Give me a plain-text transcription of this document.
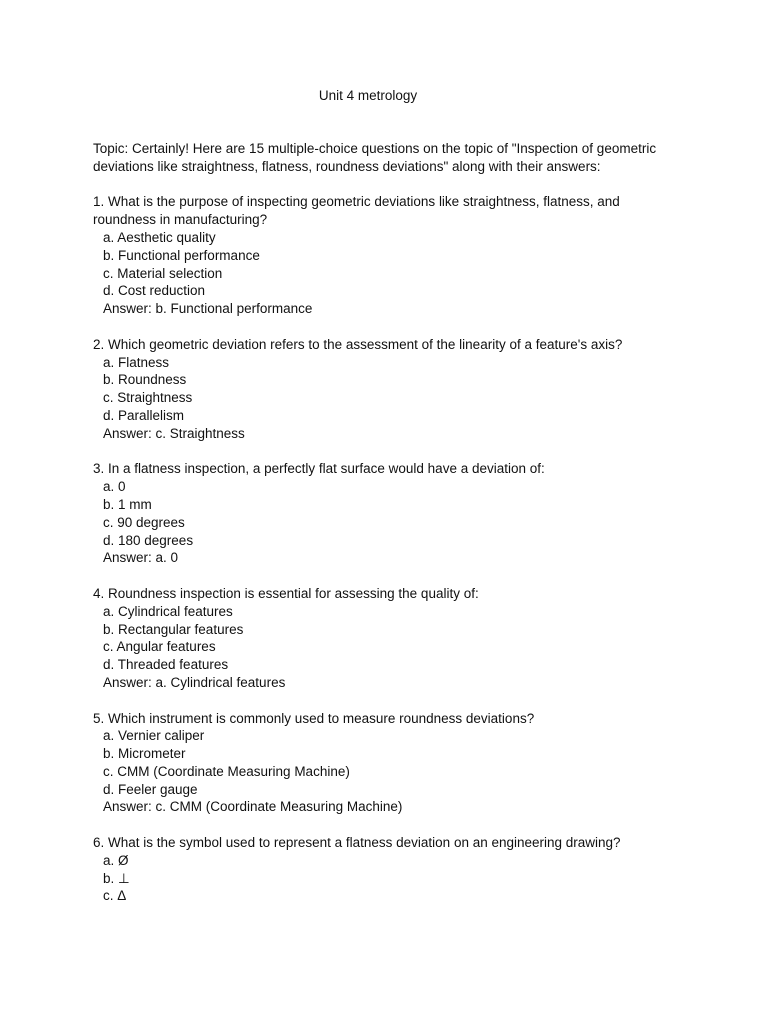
Unit 4 metrology

Topic: Certainly! Here are 15 multiple-choice questions on the topic of "Inspection of geometric deviations like straightness, flatness, roundness deviations" along with their answers:

1. What is the purpose of inspecting geometric deviations like straightness, flatness, and roundness in manufacturing?

a. Aesthetic quality

b. Functional performance

c. Material selection

d. Cost reduction

Answer: b. Functional performance

2. Which geometric deviation refers to the assessment of the linearity of a feature's axis?

a. Flatness

b. Roundness

c. Straightness

d. Parallelism

Answer: c. Straightness

3. In a flatness inspection, a perfectly flat surface would have a deviation of:

a. 0

b. 1 mm

c. 90 degrees

d. 180 degrees

Answer: a. 0

4. Roundness inspection is essential for assessing the quality of:

a. Cylindrical features

b. Rectangular features

c. Angular features

d. Threaded features

Answer: a. Cylindrical features

5. Which instrument is commonly used to measure roundness deviations?

a. Vernier caliper

b. Micrometer

c. CMM (Coordinate Measuring Machine)

d. Feeler gauge

Answer: c. CMM (Coordinate Measuring Machine)

6. What is the symbol used to represent a flatness deviation on an engineering drawing?

a. Ø

b. ⊥

c. Δ
